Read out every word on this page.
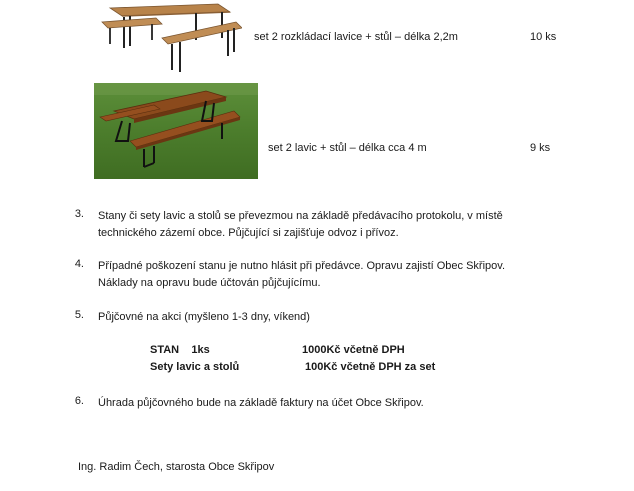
set 2 rozkládací lavice + stůl – délka 2,2m	10 ks
set 2 lavic + stůl – délka cca 4 m	9 ks
3. Stany či sety lavic a stolů se převezmou na základě předávacího protokolu, v místě
technického zázemí obce. Půjčující si zajišťuje odvoz i přívoz.
4. Případné poškození stanu je nutno hlásit při předávce. Opravu zajistí Obec Skřipov.
Náklady na opravu bude účtován půjčujícímu.
5. Půjčovné na akci (myšleno 1-3 dny, víkend)
STAN    1ks	1000Kč včetně DPH
Sety lavic a stolů	100Kč včetně DPH za set
6. Úhrada půjčovného bude na základě faktury na účet Obce Skřipov.
Ing. Radim Čech, starosta Obce Skřipov
